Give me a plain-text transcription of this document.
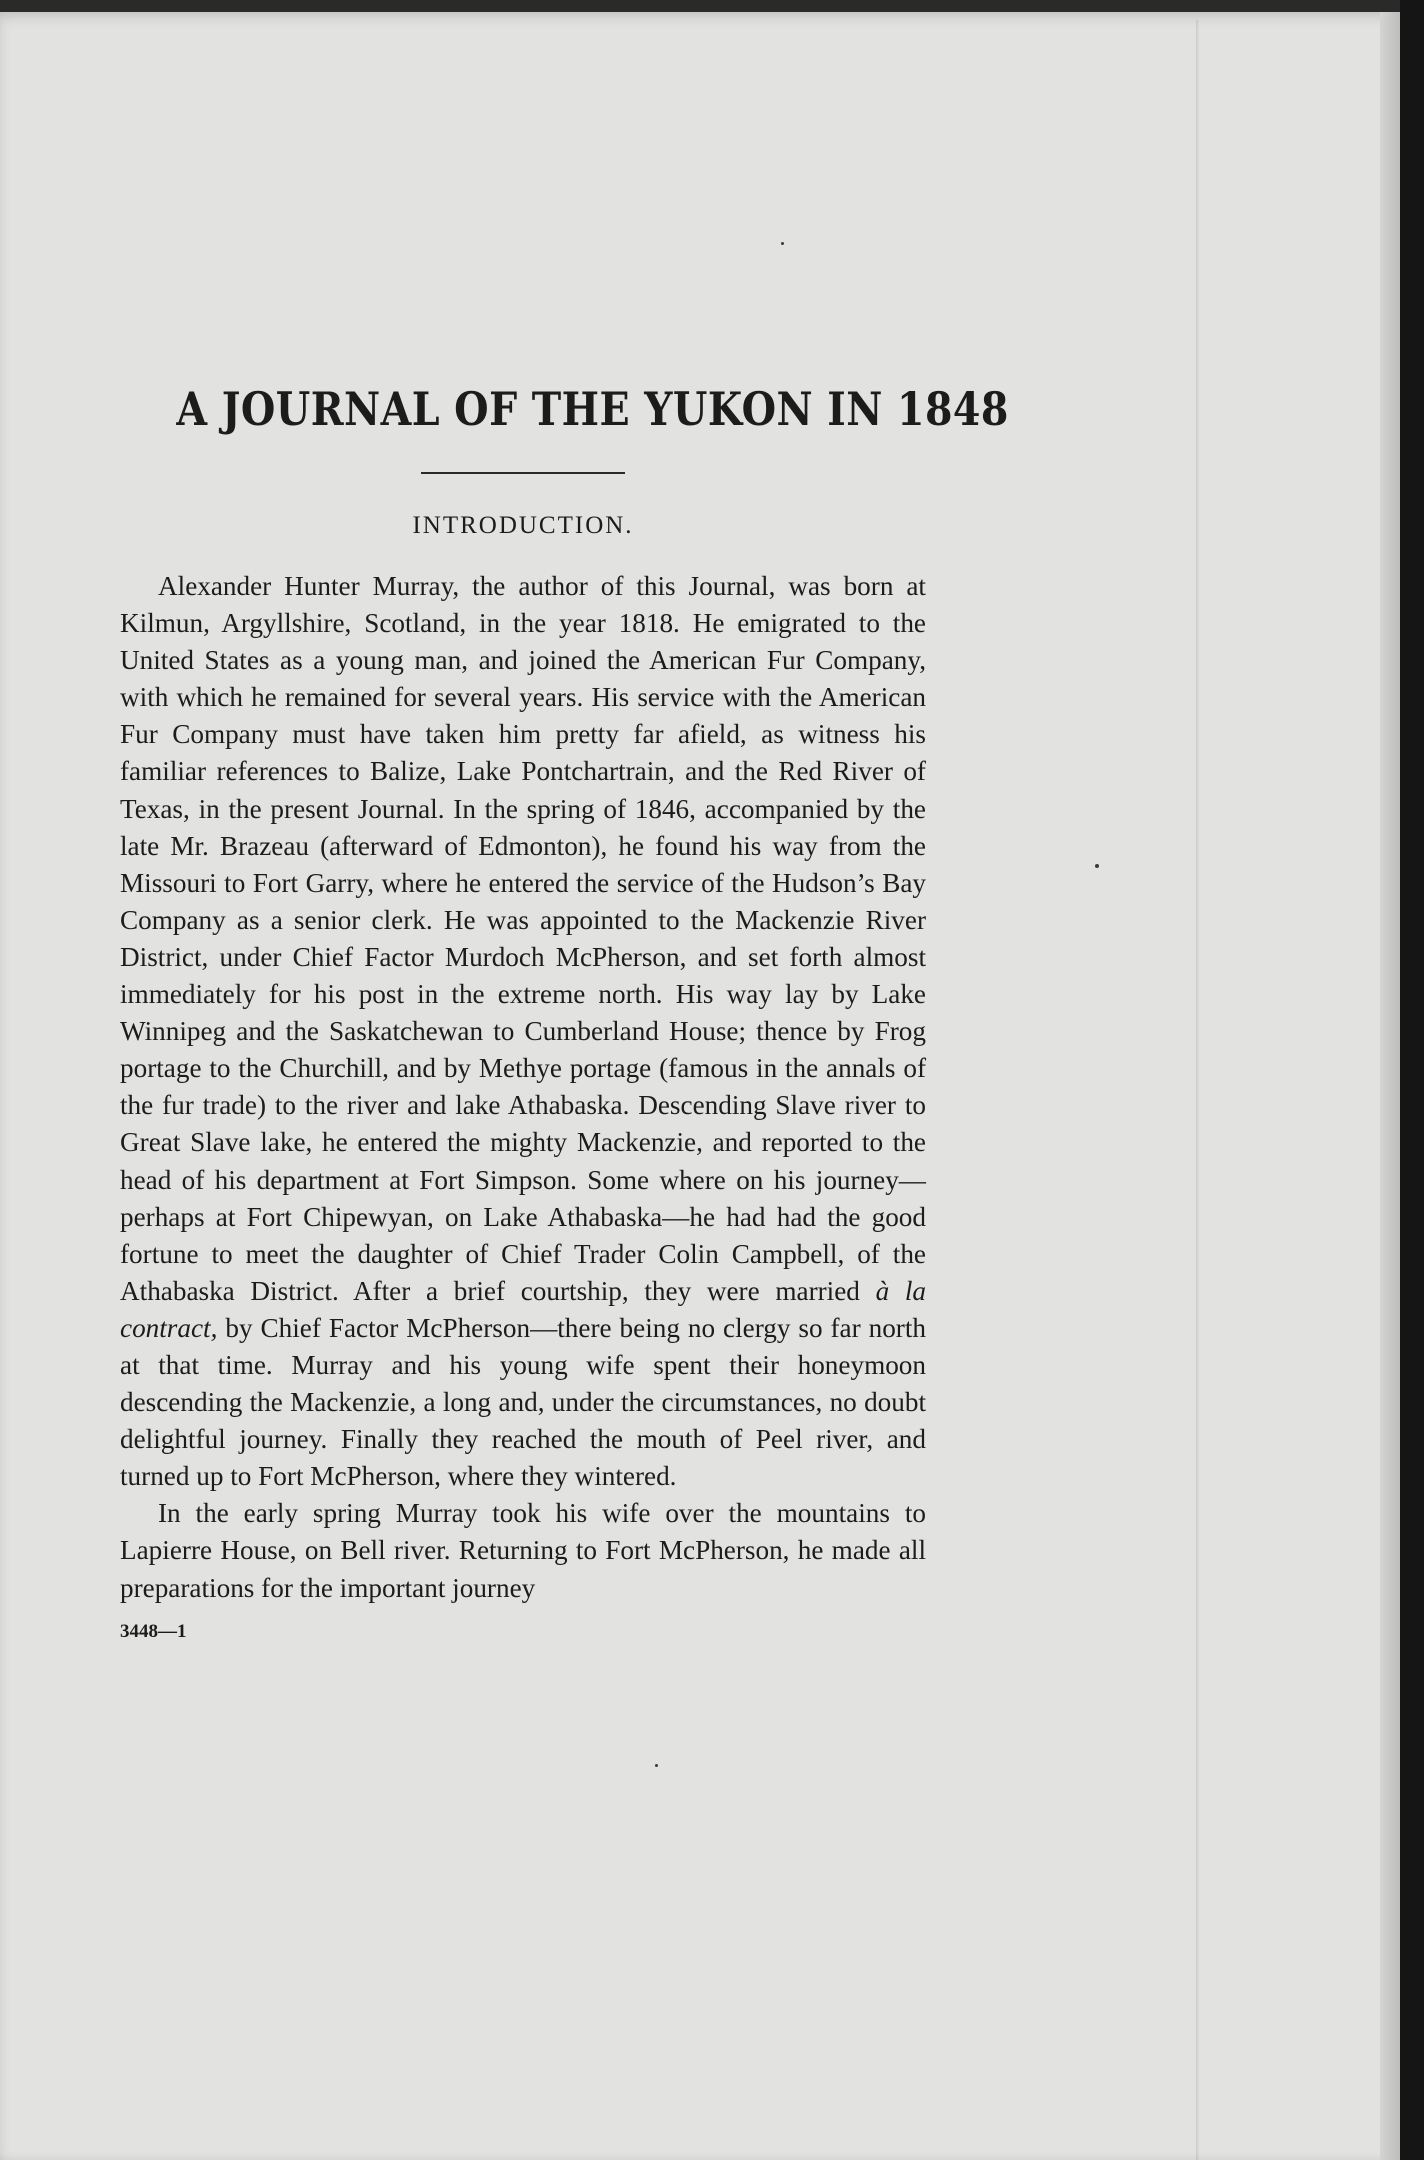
A JOURNAL OF THE YUKON IN 1848
INTRODUCTION.

Alexander Hunter Murray, the author of this Journal, was born at Kilmun, Argyllshire, Scotland, in the year 1818. He emigrated to the United States as a young man, and joined the American Fur Company, with which he remained for several years. His service with the American Fur Company must have taken him pretty far afield, as witness his familiar references to Balize, Lake Pontchartrain, and the Red River of Texas, in the present Journal. In the spring of 1846, accompanied by the late Mr. Brazeau (afterward of Edmonton), he found his way from the Missouri to Fort Garry, where he entered the service of the Hudson’s Bay Company as a senior clerk. He was appointed to the Mackenzie River District, under Chief Factor Murdoch McPherson, and set forth almost immediately for his post in the extreme north. His way lay by Lake Winnipeg and the Saskatchewan to Cumberland House; thence by Frog portage to the Churchill, and by Methye portage (famous in the annals of the fur trade) to the river and lake Athabaska. Descending Slave river to Great Slave lake, he entered the mighty Mackenzie, and reported to the head of his department at Fort Simpson. Some where on his journey—perhaps at Fort Chipewyan, on Lake Athabaska—he had had the good fortune to meet the daughter of Chief Trader Colin Campbell, of the Athabaska District. After a brief courtship, they were married à la contract, by Chief Factor McPherson—there being no clergy so far north at that time. Murray and his young wife spent their honeymoon descending the Mackenzie, a long and, under the circumstances, no doubt delightful journey. Finally they reached the mouth of Peel river, and turned up to Fort McPherson, where they wintered.

In the early spring Murray took his wife over the mountains to Lapierre House, on Bell river. Returning to Fort McPherson, he made all preparations for the important journey

3448—1
